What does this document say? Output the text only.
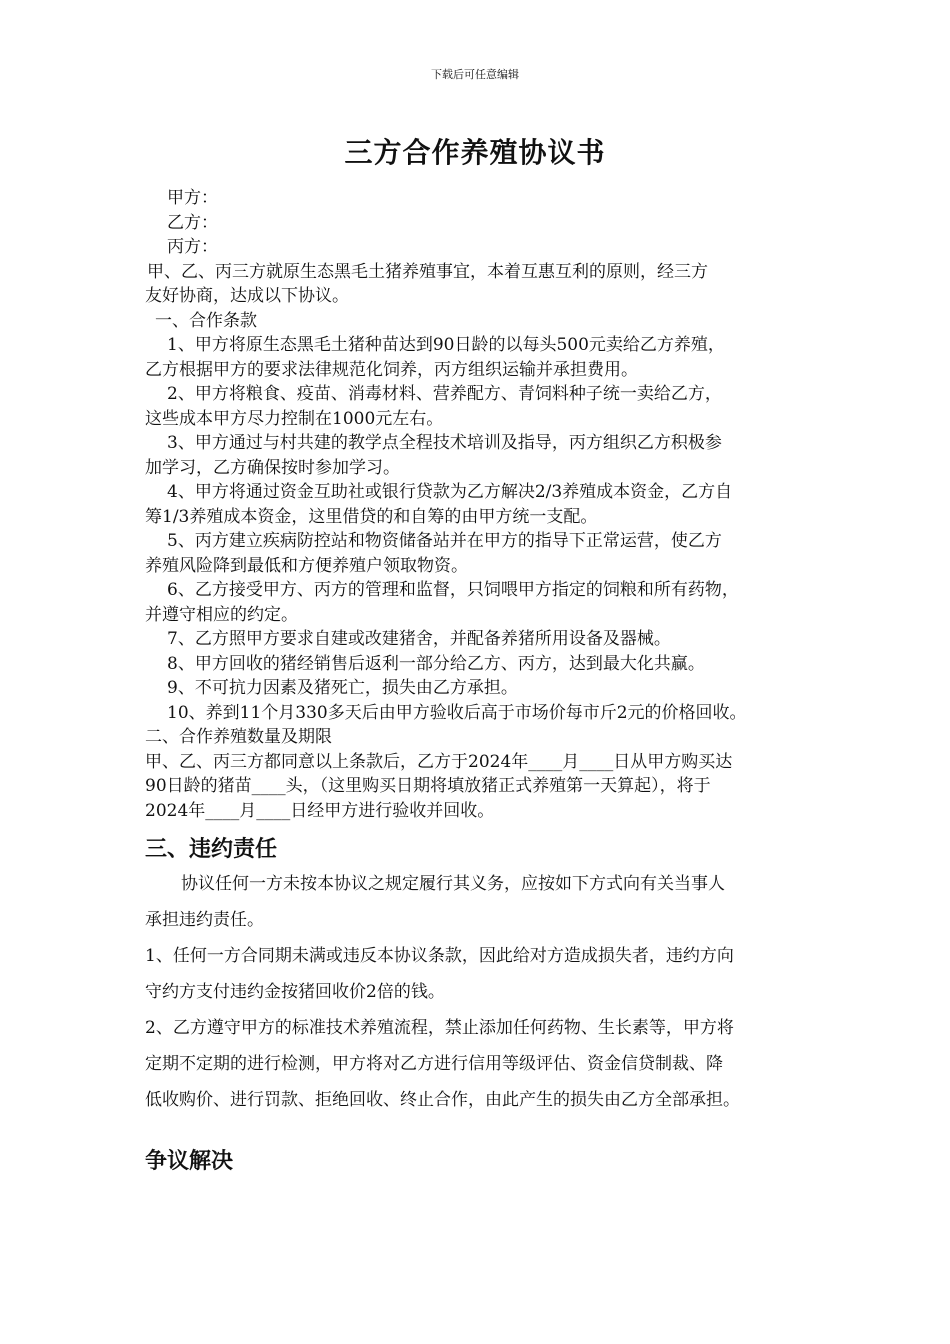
下载后可任意编辑
三方合作养殖协议书
甲方：
乙方：
丙方：
甲、乙、丙三方就原生态黑毛土猪养殖事宜，本着互惠互利的原则，经三方
友好协商，达成以下协议。
一、合作条款
1、甲方将原生态黑毛土猪种苗达到90日龄的以每头500元卖给乙方养殖，
乙方根据甲方的要求法律规范化饲养，丙方组织运输并承担费用。
2、甲方将粮食、疫苗、消毒材料、营养配方、青饲料种子统一卖给乙方，
这些成本甲方尽力控制在1000元左右。
3、甲方通过与村共建的教学点全程技术培训及指导，丙方组织乙方积极参
加学习，乙方确保按时参加学习。
4、甲方将通过资金互助社或银行贷款为乙方解决2/3养殖成本资金，乙方自
筹1/3养殖成本资金，这里借贷的和自筹的由甲方统一支配。
5、丙方建立疾病防控站和物资储备站并在甲方的指导下正常运营，使乙方
养殖风险降到最低和方便养殖户领取物资。
6、乙方接受甲方、丙方的管理和监督，只饲喂甲方指定的饲粮和所有药物，
并遵守相应的约定。
7、乙方照甲方要求自建或改建猪舍，并配备养猪所用设备及器械。
8、甲方回收的猪经销售后返利一部分给乙方、丙方，达到最大化共赢。
9、不可抗力因素及猪死亡，损失由乙方承担。
10、养到11个月330多天后由甲方验收后高于市场价每市斤2元的价格回收。
二、合作养殖数量及期限
甲、乙、丙三方都同意以上条款后，乙方于2024年____月____日从甲方购买达
90日龄的猪苗____头，（这里购买日期将填放猪正式养殖第一天算起），将于
2024年____月____日经甲方进行验收并回收。
三、违约责任
协议任何一方未按本协议之规定履行其义务，应按如下方式向有关当事人
承担违约责任。
1、任何一方合同期未满或违反本协议条款，因此给对方造成损失者，违约方向
守约方支付违约金按猪回收价2倍的钱。
2、乙方遵守甲方的标准技术养殖流程，禁止添加任何药物、生长素等，甲方将
定期不定期的进行检测，甲方将对乙方进行信用等级评估、资金信贷制裁、降
低收购价、进行罚款、拒绝回收、终止合作，由此产生的损失由乙方全部承担。
争议解决
